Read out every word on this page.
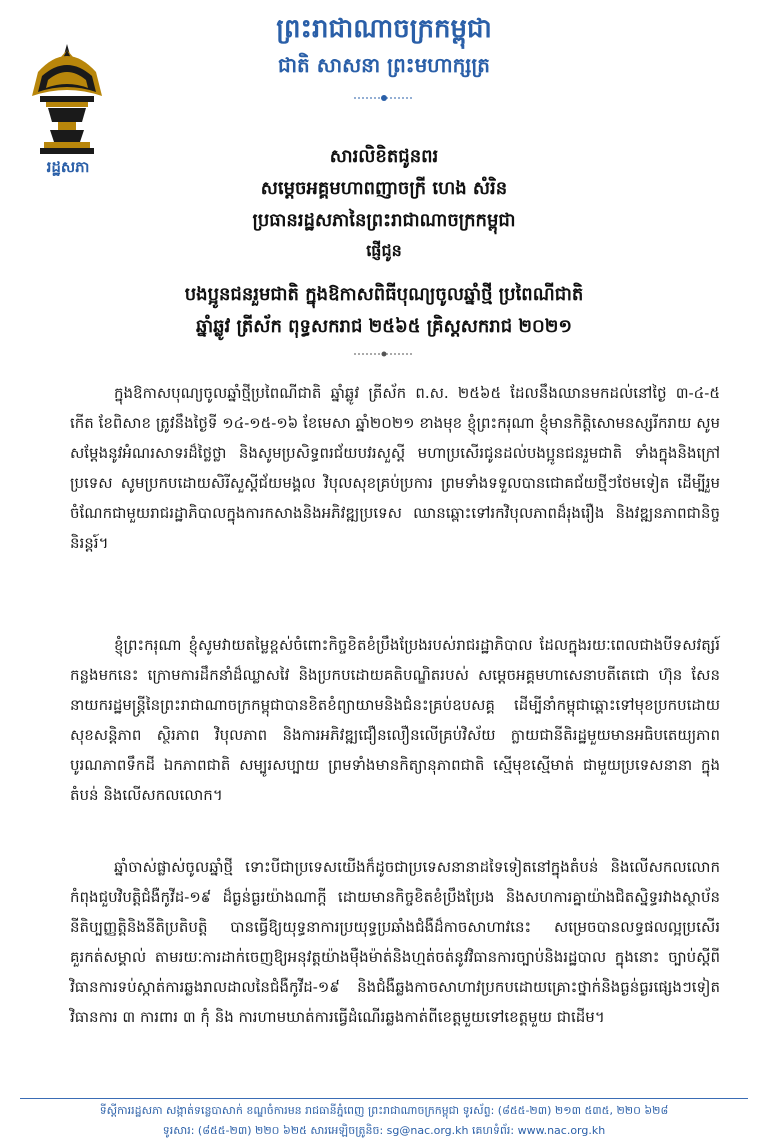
រដ្ឋសភា
ព្រះរាជាណាចក្រកម្ពុជា
ជាតិ សាសនា ព្រះមហាក្សត្រ
សារលិខិតជូនពរ
សម្តេចអគ្គមហាពញាចក្រី ហេង សំរិន
ប្រធានរដ្ឋសភានៃព្រះរាជាណាចក្រកម្ពុជា
ផ្ញើជូន
បងប្អូនជនរួមជាតិ ក្នុងឱកាសពិធីបុណ្យចូលឆ្នាំថ្មី ប្រពៃណីជាតិ
ឆ្នាំឆ្លូវ ត្រីស័ក ពុទ្ធសករាជ ២៥៦៥ គ្រិស្តសករាជ ២០២១
ក្នុងឱកាសបុណ្យចូលឆ្នាំថ្មីប្រពៃណីជាតិ ឆ្នាំឆ្លូវ ត្រីស័ក ព.ស. ២៥៦៥ ដែលនឹងឈានមកដល់នៅថ្ងៃ ៣-៤-៥ កើត ខែពិសាខ ត្រូវនឹងថ្ងៃទី ១៤-១៥-១៦ ខែមេសា ឆ្នាំ២០២១ ខាងមុខ ខ្ញុំព្រះករុណា ខ្ញុំមានកិត្តិសោមនស្សរីករាយ សូមសម្តែងនូវអំណរសាទរដ៏ថ្លៃថ្លា និងសូមប្រសិទ្ធពរជ័យបវរសួស្តី មហាប្រសើរជូនដល់បងប្អូនជនរួមជាតិ ទាំងក្នុងនិងក្រៅប្រទេស សូមប្រកបដោយសិរីសួស្តីជ័យមង្គល វិបុលសុខគ្រប់ប្រការ ព្រមទាំងទទួលបានជោគជ័យថ្មីៗថែមទៀត ដើម្បីរួមចំណែកជាមួយរាជរដ្ឋាភិបាលក្នុងការកសាងនិងអភិវឌ្ឍប្រទេស ឈានឆ្ពោះទៅរកវិបុលភាពដ៏រុងរឿង និងវឌ្ឍនភាពជានិច្ចនិរន្តរ៍។
ខ្ញុំព្រះករុណា ខ្ញុំសូមវាយតម្លៃខ្ពស់ចំពោះកិច្ចខិតខំប្រឹងប្រែងរបស់រាជរដ្ឋាភិបាល ដែលក្នុងរយៈពេលជាងបីទសវត្សរ៍កន្លងមកនេះ ក្រោមការដឹកនាំដ៏ឈ្លាសវៃ និងប្រកបដោយគតិបណ្ឌិតរបស់ សម្តេចអគ្គមហាសេនាបតីតេជោ ហ៊ុន សែន នាយករដ្ឋមន្ត្រីនៃព្រះរាជាណាចក្រកម្ពុជាបានខិតខំព្យាយាមនិងជំនះគ្រប់ឧបសគ្គ ដើម្បីនាំកម្ពុជាឆ្ពោះទៅមុខប្រកបដោយសុខសន្តិភាព ស្ថិរភាព វិបុលភាព និងការអភិវឌ្ឍជឿនលឿនលើគ្រប់វិស័យ ក្លាយជានីតិរដ្ឋមួយមានអធិបតេយ្យភាព បូរណភាពទឹកដី ឯកភាពជាតិ សម្បូរសប្បាយ ព្រមទាំងមានកិត្យានុភាពជាតិ ស្មើមុខស្មើមាត់ ជាមួយប្រទេសនានា ក្នុងតំបន់ និងលើសកលលោក។
ឆ្នាំចាស់ផ្លាស់ចូលឆ្នាំថ្មី ទោះបីជាប្រទេសយើងក៏ដូចជាប្រទេសនានាដទៃទៀតនៅក្នុងតំបន់ និងលើសកលលោកកំពុងជួបវិបត្តិជំងឺកូវីដ-១៩ ដ៏ធ្ងន់ធ្ងរយ៉ាងណាក្តី ដោយមានកិច្ចខិតខំប្រឹងប្រែង និងសហការគ្នាយ៉ាងជិតស្និទ្ធរវាងស្ថាប័ននីតិប្បញ្ញត្តិនិងនីតិប្រតិបត្តិ បានធ្វើឱ្យយុទ្ធនាការប្រយុទ្ធប្រឆាំងជំងឺដ៏កាចសាហាវនេះ សម្រេចបានលទ្ធផលល្អប្រសើរគួរកត់សម្គាល់ តាមរយៈការដាក់ចេញឱ្យអនុវត្តយ៉ាងម៉ឺងម៉ាត់និងហ្មត់ចត់នូវវិធានការច្បាប់និងរដ្ឋបាល ក្នុងនោះ ច្បាប់ស្តីពី វិធានការទប់ស្កាត់ការឆ្លងរាលដាលនៃជំងឺកូវីដ-១៩ និងជំងឺឆ្លងកាចសាហាវប្រកបដោយគ្រោះថ្នាក់និងធ្ងន់ធ្ងរផ្សេងៗទៀត វិធានការ ៣ ការពារ ៣ កុំ និង ការហាមឃាត់ការធ្វើដំណើរឆ្លងកាត់ពីខេត្តមួយទៅខេត្តមួយ ជាដើម។
ទីស្តីការរដ្ឋសភា សង្កាត់ទន្លេបាសាក់ ខណ្ឌចំការមន រាជធានីភ្នំពេញ ព្រះរាជាណាចក្រកម្ពុជា ទូរស័ព្ទ: (៨៥៥-២៣) ២១៣ ៥៣៥, ២២០ ៦២៨
ទូរសារ: (៨៥៥-២៣) ២២០ ៦២៥ សារអេឡិចត្រូនិច: sg@nac.org.kh គេហទំព័រ: www.nac.org.kh
